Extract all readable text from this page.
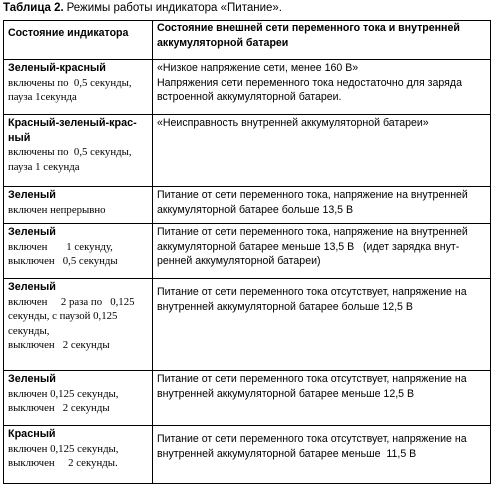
Таблица 2. Режимы работы индикатора «Питание».
Состояние индикатора	Состояние внешней сети переменного тока и внутренней
аккумуляторной батареи

Зеленый-красный
включены по  0,5 секунды,
пауза 1секунда	«Низкое напряжение сети, менее 160 В»
Напряжения сети переменного тока недостаточно для заряда
встроенной аккумуляторной батареи.

Красный-зеленый-крас-
ный
включены по  0,5 секунды,
пауза 1 секунда	«Неисправность внутренней аккумуляторной батареи»

Зеленый
включен непрерывно	Питание от сети переменного тока, напряжение на внутренней
аккумуляторной батарее больше 13,5 В

Зеленый
включен       1 секунду,
выключен   0,5 секунды	Питание от сети переменного тока, напряжение на внутренней
аккумуляторной батарее меньше 13,5 В   (идет зарядка внут-
ренней аккумуляторной батареи)

Зеленый
включен     2 раза по   0,125
секунды, с паузой 0,125
секунды,
выключен   2 секунды	Питание от сети переменного тока отсутствует, напряжение на
внутренней аккумуляторной батарее больше 12,5 В

Зеленый
включен 0,125 секунды,
выключен   2 секунды	Питание от сети переменного тока отсутствует, напряжение на
внутренней аккумуляторной батарее меньше 12,5 В

Красный
включен 0,125 секунды,
выключен     2 секунды.	Питание от сети переменного тока отсутствует, напряжение на
внутренней аккумуляторной батарее меньше  11,5 В
